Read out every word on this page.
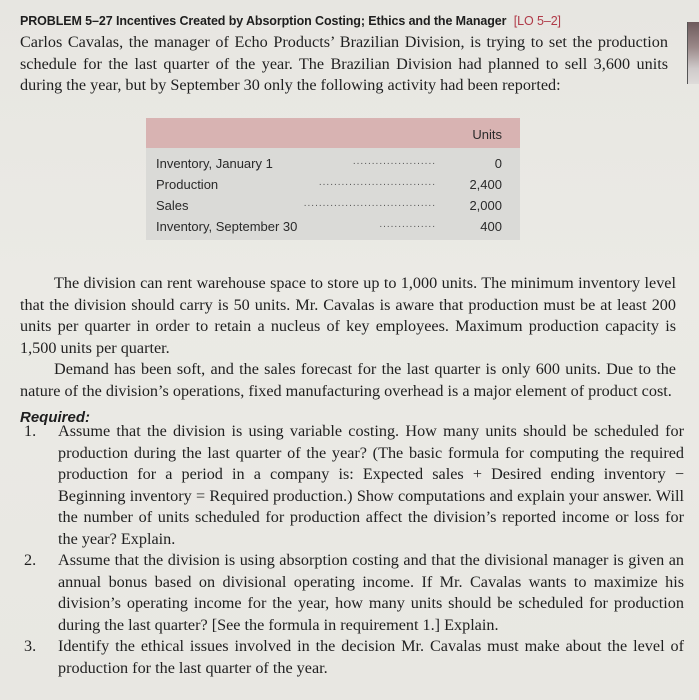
PROBLEM 5–27 Incentives Created by Absorption Costing; Ethics and the Manager [LO 5–2]
Carlos Cavalas, the manager of Echo Products’ Brazilian Division, is trying to set the production schedule for the last quarter of the year. The Brazilian Division had planned to sell 3,600 units during the year, but by September 30 only the following activity had been reported:
Units
Inventory, January 1	......................	0
Production	...............................	2,400
Sales	...................................	2,000
Inventory, September 30	...............	400

The division can rent warehouse space to store up to 1,000 units. The minimum inventory level that the division should carry is 50 units. Mr. Cavalas is aware that production must be at least 200 units per quarter in order to retain a nucleus of key employees. Maximum production capacity is 1,500 units per quarter.

Demand has been soft, and the sales forecast for the last quarter is only 600 units. Due to the nature of the division’s operations, fixed manufacturing overhead is a major element of product cost.

Required:
1. Assume that the division is using variable costing. How many units should be scheduled for production during the last quarter of the year? (The basic formula for computing the required production for a period in a company is: Expected sales + Desired ending inventory − Beginning inventory = Required production.) Show computations and explain your answer. Will the number of units scheduled for production affect the division’s reported income or loss for the year? Explain.
2. Assume that the division is using absorption costing and that the divisional manager is given an annual bonus based on divisional operating income. If Mr. Cavalas wants to maximize his division’s operating income for the year, how many units should be scheduled for production during the last quarter? [See the formula in requirement 1.] Explain.
3. Identify the ethical issues involved in the decision Mr. Cavalas must make about the level of production for the last quarter of the year.
